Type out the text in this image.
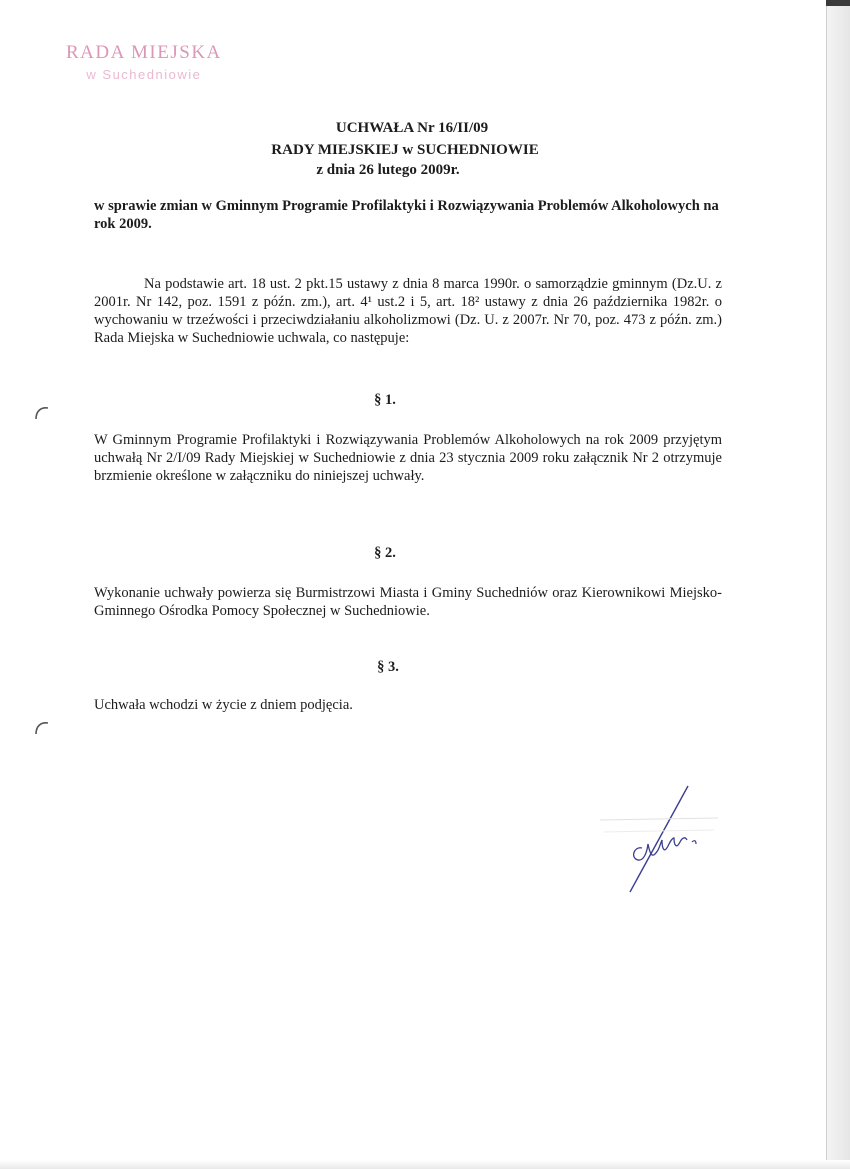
RADA MIEJSKA
w Suchedniowie
UCHWAŁA Nr 16/II/09
RADY MIEJSKIEJ w SUCHEDNIOWIE
z dnia 26 lutego 2009r.
w sprawie zmian w Gminnym Programie Profilaktyki i Rozwiązywania Problemów Alkoholowych na rok 2009.
Na podstawie art. 18 ust. 2 pkt.15 ustawy z dnia 8 marca 1990r. o samorządzie gminnym (Dz.U. z 2001r. Nr 142, poz. 1591 z późn. zm.), art. 4¹ ust.2 i 5, art. 18² ustawy z dnia 26 października 1982r. o wychowaniu w trzeźwości i przeciwdziałaniu alkoholizmowi (Dz. U. z 2007r. Nr 70, poz. 473 z późn. zm.) Rada Miejska w Suchedniowie uchwala, co następuje:
§ 1.
W Gminnym Programie Profilaktyki i Rozwiązywania Problemów Alkoholowych na rok 2009 przyjętym uchwałą Nr 2/I/09 Rady Miejskiej w Suchedniowie z dnia 23 stycznia 2009 roku załącznik Nr 2 otrzymuje brzmienie określone w załączniku do niniejszej uchwały.
§ 2.
Wykonanie uchwały powierza się Burmistrzowi Miasta i Gminy Suchedniów oraz Kierownikowi Miejsko-Gminnego Ośrodka Pomocy Społecznej w Suchedniowie.
§ 3.
Uchwała wchodzi w życie z dniem podjęcia.
